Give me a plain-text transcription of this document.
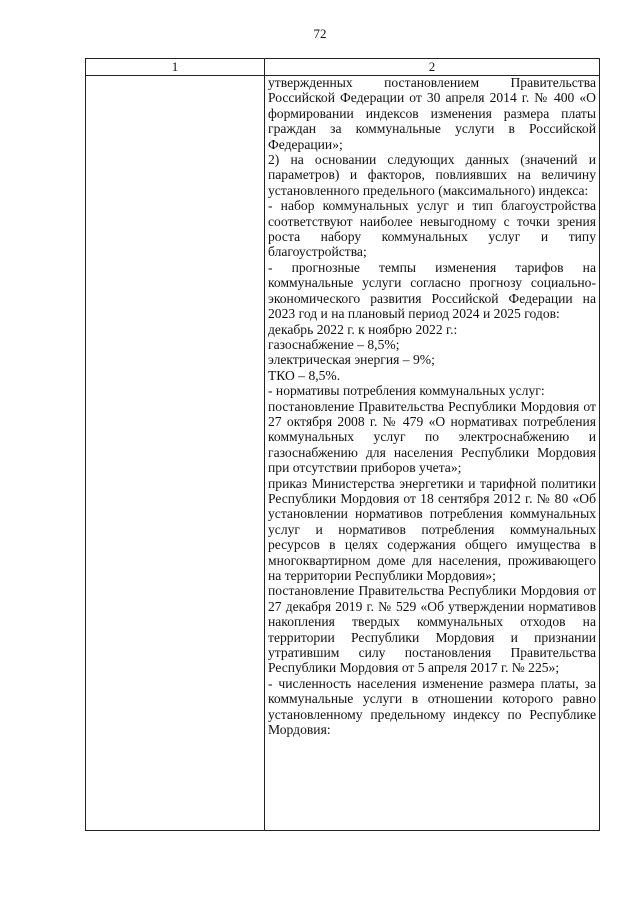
72
1	2

утвержденных постановлением Правительства Российской Федерации от 30 апреля 2014 г. № 400 «О формировании индексов изменения размера платы граждан за коммунальные услуги в Российской Федерации»;

2) на основании следующих данных (значений и параметров) и факторов, повлиявших на величину установленного предельного (максимального) индекса:

- набор коммунальных услуг и тип благоустройства соответствуют наиболее невыгодному с точки зрения роста набору коммунальных услуг и типу благоустройства;

- прогнозные темпы изменения тарифов на коммунальные услуги согласно прогнозу социально-экономического развития Российской Федерации на 2023 год и на плановый период 2024 и 2025 годов:

декабрь 2022 г. к ноябрю 2022 г.:

газоснабжение – 8,5%;

электрическая энергия – 9%;

ТКО – 8,5%.

- нормативы потребления коммунальных услуг:

постановление Правительства Республики Мордовия от 27 октября 2008 г. № 479 «О нормативах потребления коммунальных услуг по электроснабжению и газоснабжению для населения Республики Мордовия при отсутствии приборов учета»;

приказ Министерства энергетики и тарифной политики Республики Мордовия от 18 сентября 2012 г. № 80 «Об установлении нормативов потребления коммунальных услуг и нормативов потребления коммунальных ресурсов в целях содержания общего имущества в многоквартирном доме для населения, проживающего на территории Республики Мордовия»;

постановление Правительства Республики Мордовия от 27 декабря 2019 г. № 529 «Об утверждении нормативов накопления твердых коммунальных отходов на территории Республики Мордовия и признании утратившим силу постановления Правительства Республики Мордовия от 5 апреля 2017 г. № 225»;

- численность населения изменение размера платы, за коммунальные услуги в отношении которого равно установленному предельному индексу по Республике Мордовия:
